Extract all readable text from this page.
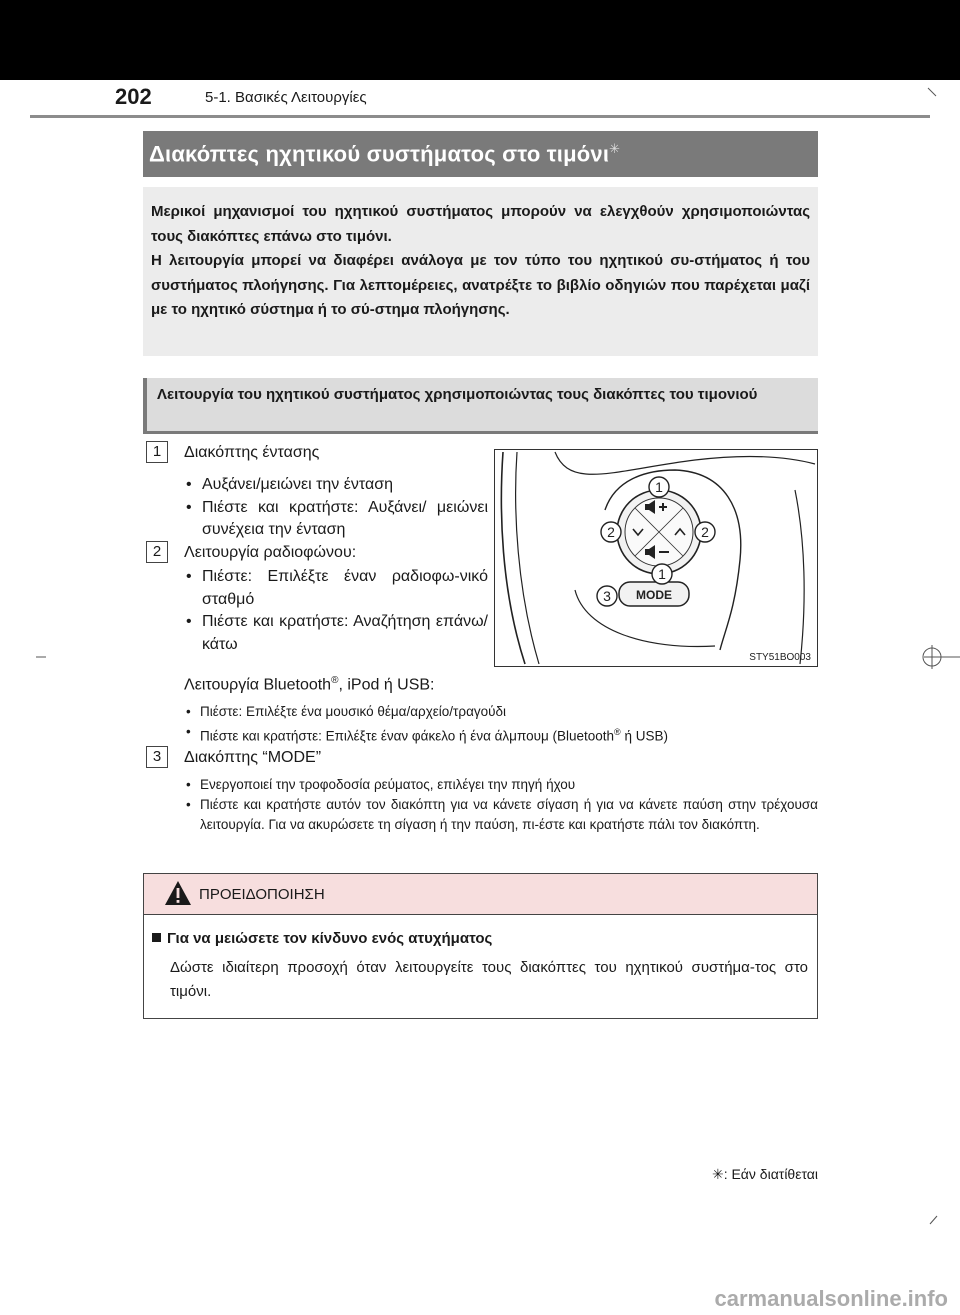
202	5-1. Βασικές Λειτουργίες
Διακόπτες ηχητικού συστήματος στο τιμόνι✳

Μερικοί μηχανισμοί του ηχητικού συστήματος μπορούν να ελεγχθούν χρησιμοποιώντας τους διακόπτες επάνω στο τιμόνι.

Η λειτουργία μπορεί να διαφέρει ανάλογα με τον τύπο του ηχητικού συ-στήματος ή του συστήματος πλοήγησης. Για λεπτομέρειες, ανατρέξτε το βιβλίο οδηγιών που παρέχεται μαζί με το ηχητικό σύστημα ή το σύ-στημα πλοήγησης.

Λειτουργία του ηχητικού συστήματος χρησιμοποιώντας τους διακόπτες του τιμονιού
1	Διακόπτης έντασης
• Αυξάνει/μειώνει την ένταση
• Πιέστε και κρατήστε: Αυξάνει/ μειώνει συνέχεια την ένταση
2	Λειτουργία ραδιοφώνου:
• Πιέστε: Επιλέξτε έναν ραδιοφω-νικό σταθμό
• Πιέστε και κρατήστε: Αναζήτηση επάνω/κάτω
Λειτουργία Bluetooth®, iPod ή USB:
• Πιέστε: Επιλέξτε ένα μουσικό θέμα/αρχείο/τραγούδι
• Πιέστε και κρατήστε: Επιλέξτε έναν φάκελο ή ένα άλμπουμ (Bluetooth® ή USB)
3	Διακόπτης “MODE”
• Ενεργοποιεί την τροφοδοσία ρεύματος, επιλέγει την πηγή ήχου
• Πιέστε και κρατήστε αυτόν τον διακόπτη για να κάνετε σίγαση ή για να κάνετε παύση στην τρέχουσα λειτουργία. Για να ακυρώσετε τη σίγαση ή την παύση, πι-έστε και κρατήστε πάλι τον διακόπτη.
MODE
1
2	2
1
3
STY51BO003
ΠΡΟΕΙΔΟΠΟΙΗΣΗ
Για να μειώσετε τον κίνδυνο ενός ατυχήματος
Δώστε ιδιαίτερη προσοχή όταν λειτουργείτε τους διακόπτες του ηχητικού συστήμα-τος στο τιμόνι.
✳: Εάν διατίθεται
carmanualsonline.info
